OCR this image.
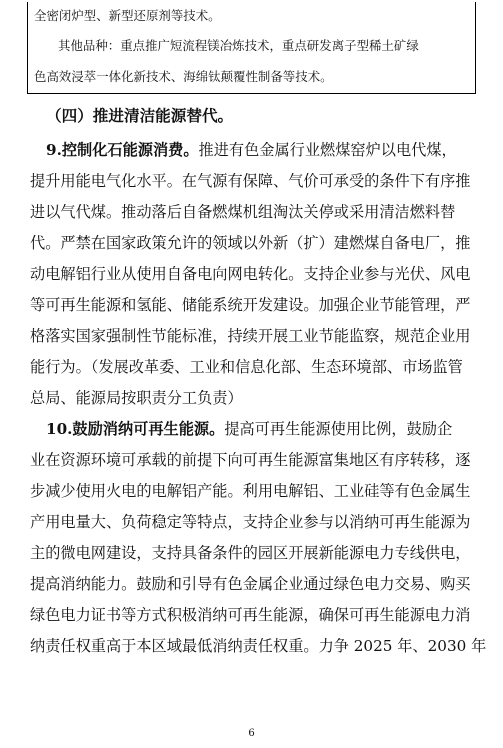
全密闭炉型、新型还原剂等技术。
其他品种：重点推广短流程镁冶炼技术，重点研发离子型稀土矿绿
色高效浸萃一体化新技术、海绵钛颠覆性制备等技术。
（四）推进清洁能源替代。
9.控制化石能源消费。推进有色金属行业燃煤窑炉以电代煤，
提升用能电气化水平。在气源有保障、气价可承受的条件下有序推
进以气代煤。推动落后自备燃煤机组淘汰关停或采用清洁燃料替
代。严禁在国家政策允许的领域以外新（扩）建燃煤自备电厂，推
动电解铝行业从使用自备电向网电转化。支持企业参与光伏、风电
等可再生能源和氢能、储能系统开发建设。加强企业节能管理，严
格落实国家强制性节能标准，持续开展工业节能监察，规范企业用
能行为。（发展改革委、工业和信息化部、生态环境部、市场监管
总局、能源局按职责分工负责）
10.鼓励消纳可再生能源。提高可再生能源使用比例，鼓励企
业在资源环境可承载的前提下向可再生能源富集地区有序转移，逐
步减少使用火电的电解铝产能。利用电解铝、工业硅等有色金属生
产用电量大、负荷稳定等特点，支持企业参与以消纳可再生能源为
主的微电网建设，支持具备条件的园区开展新能源电力专线供电，
提高消纳能力。鼓励和引导有色金属企业通过绿色电力交易、购买
绿色电力证书等方式积极消纳可再生能源，确保可再生能源电力消
纳责任权重高于本区域最低消纳责任权重。力争 2025 年、2030 年
6
